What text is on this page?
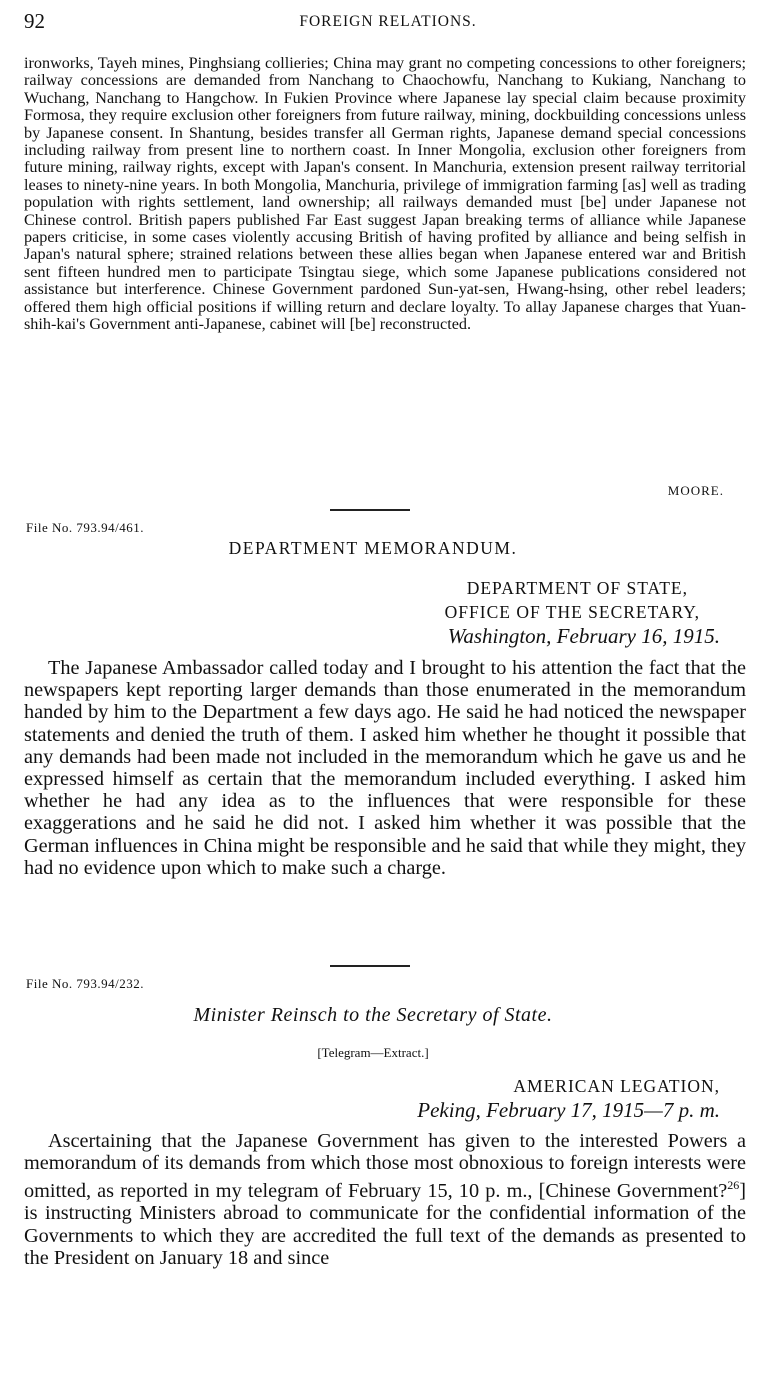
92	FOREIGN RELATIONS.
ironworks, Tayeh mines, Pinghsiang collieries; China may grant no competing concessions to other foreigners; railway concessions are demanded from Nanchang to Chaochowfu, Nanchang to Kukiang, Nanchang to Wuchang, Nanchang to Hangchow. In Fukien Province where Japanese lay special claim because proximity Formosa, they require exclusion other foreigners from future railway, mining, dockbuilding concessions unless by Japanese consent. In Shantung, besides transfer all German rights, Japanese demand special concessions including railway from present line to northern coast. In Inner Mongolia, exclusion other foreigners from future mining, railway rights, except with Japan's consent. In Manchuria, extension present railway territorial leases to ninety-nine years. In both Mongolia, Manchuria, privilege of immigration farming [as] well as trading population with rights settlement, land ownership; all railways demanded must [be] under Japanese not Chinese control. British papers published Far East suggest Japan breaking terms of alliance while Japanese papers criticise, in some cases violently accusing British of having profited by alliance and being selfish in Japan's natural sphere; strained relations between these allies began when Japanese entered war and British sent fifteen hundred men to participate Tsingtau siege, which some Japanese publications considered not assistance but interference. Chinese Government pardoned Sun-yat-sen, Hwang-hsing, other rebel leaders; offered them high official positions if willing return and declare loyalty. To allay Japanese charges that Yuan-shih-kai's Government anti-Japanese, cabinet will [be] reconstructed.
MOORE.
File No. 793.94/461.
DEPARTMENT MEMORANDUM.
DEPARTMENT OF STATE,
OFFICE OF THE SECRETARY,
Washington, February 16, 1915.

The Japanese Ambassador called today and I brought to his attention the fact that the newspapers kept reporting larger demands than those enumerated in the memorandum handed by him to the Department a few days ago. He said he had noticed the newspaper statements and denied the truth of them. I asked him whether he thought it possible that any demands had been made not included in the memorandum which he gave us and he expressed himself as certain that the memorandum included everything. I asked him whether he had any idea as to the influences that were responsible for these exaggerations and he said he did not. I asked him whether it was possible that the German influences in China might be responsible and he said that while they might, they had no evidence upon which to make such a charge.

File No. 793.94/232.
Minister Reinsch to the Secretary of State.
[Telegram—Extract.]
AMERICAN LEGATION,
Peking, February 17, 1915—7 p. m.

Ascertaining that the Japanese Government has given to the interested Powers a memorandum of its demands from which those most obnoxious to foreign interests were omitted, as reported in my telegram of February 15, 10 p. m., [Chinese Government?$^{26}$] is instructing Ministers abroad to communicate for the confidential information of the Governments to which they are accredited the full text of the demands as presented to the President on January 18 and since
